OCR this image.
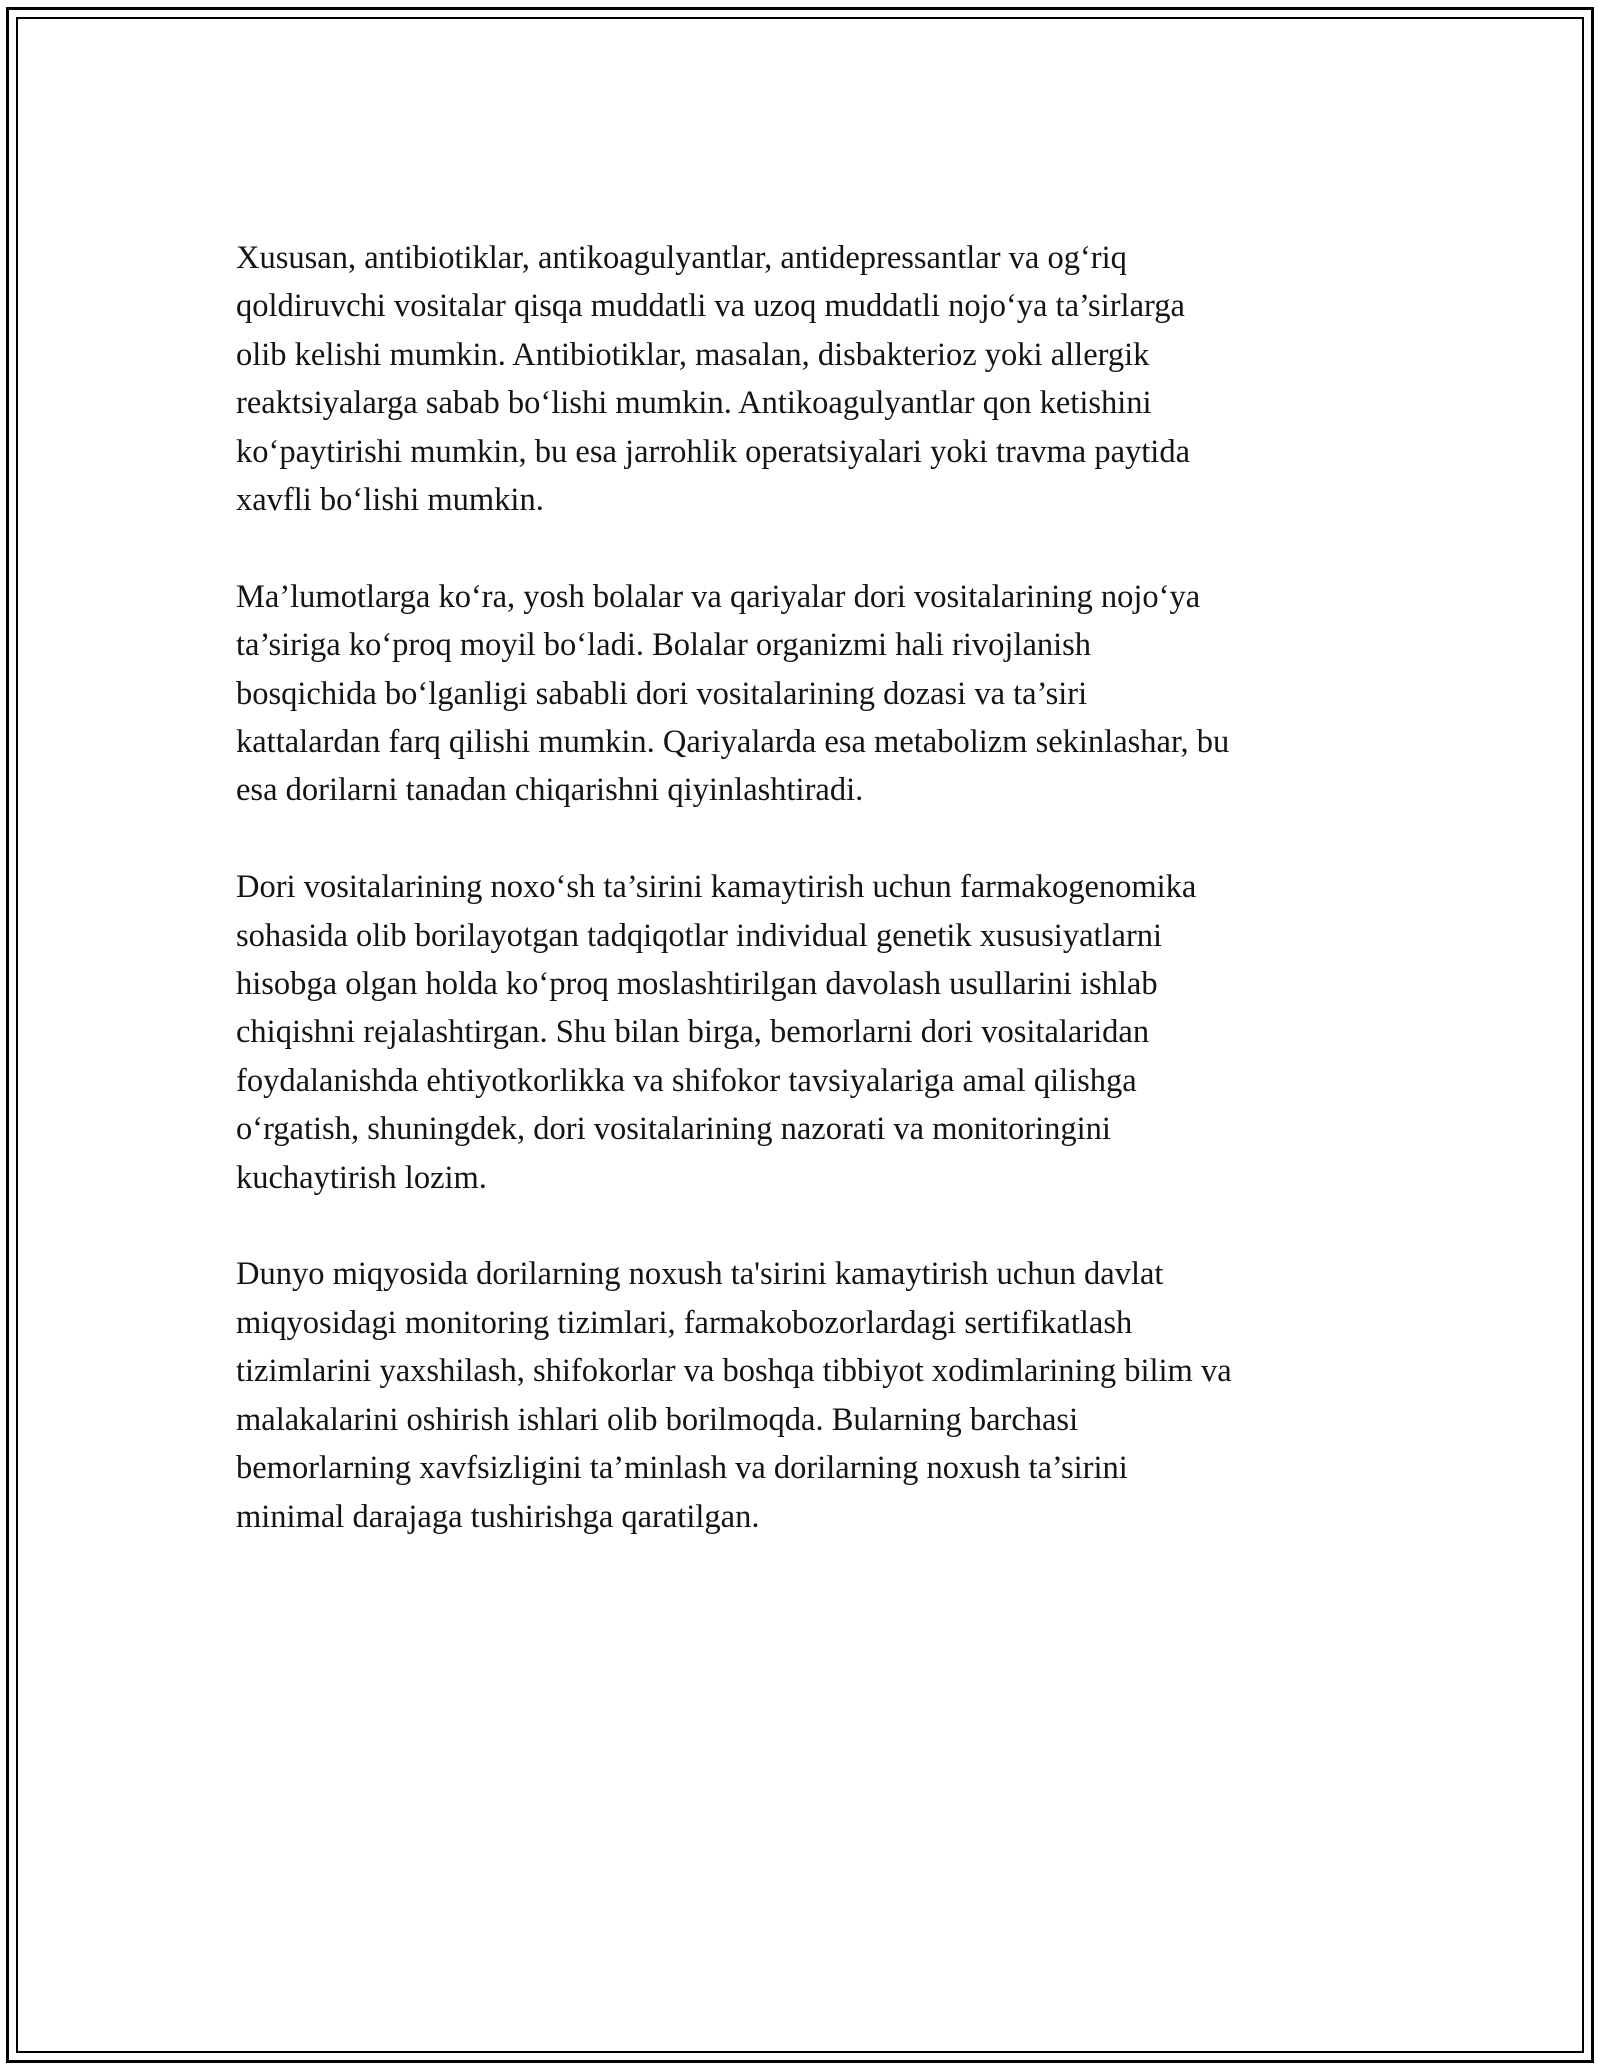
Xususan, antibiotiklar, antikoagulyantlar, antidepressantlar va og‘riq
qoldiruvchi vositalar qisqa muddatli va uzoq muddatli nojo‘ya ta’sirlarga
olib kelishi mumkin. Antibiotiklar, masalan, disbakterioz yoki allergik
reaktsiyalarga sabab bo‘lishi mumkin. Antikoagulyantlar qon ketishini
ko‘paytirishi mumkin, bu esa jarrohlik operatsiyalari yoki travma paytida
xavfli bo‘lishi mumkin.

Ma’lumotlarga ko‘ra, yosh bolalar va qariyalar dori vositalarining nojo‘ya
ta’siriga ko‘proq moyil bo‘ladi. Bolalar organizmi hali rivojlanish
bosqichida bo‘lganligi sababli dori vositalarining dozasi va ta’siri
kattalardan farq qilishi mumkin. Qariyalarda esa metabolizm sekinlashar, bu
esa dorilarni tanadan chiqarishni qiyinlashtiradi.

Dori vositalarining noxo‘sh ta’sirini kamaytirish uchun farmakogenomika
sohasida olib borilayotgan tadqiqotlar individual genetik xususiyatlarni
hisobga olgan holda ko‘proq moslashtirilgan davolash usullarini ishlab
chiqishni rejalashtirgan. Shu bilan birga, bemorlarni dori vositalaridan
foydalanishda ehtiyotkorlikka va shifokor tavsiyalariga amal qilishga
o‘rgatish, shuningdek, dori vositalarining nazorati va monitoringini
kuchaytirish lozim.

Dunyo miqyosida dorilarning noxush ta'sirini kamaytirish uchun davlat
miqyosidagi monitoring tizimlari, farmakobozorlardagi sertifikatlash
tizimlarini yaxshilash, shifokorlar va boshqa tibbiyot xodimlarining bilim va
malakalarini oshirish ishlari olib borilmoqda. Bularning barchasi
bemorlarning xavfsizligini ta’minlash va dorilarning noxush ta’sirini
minimal darajaga tushirishga qaratilgan.
